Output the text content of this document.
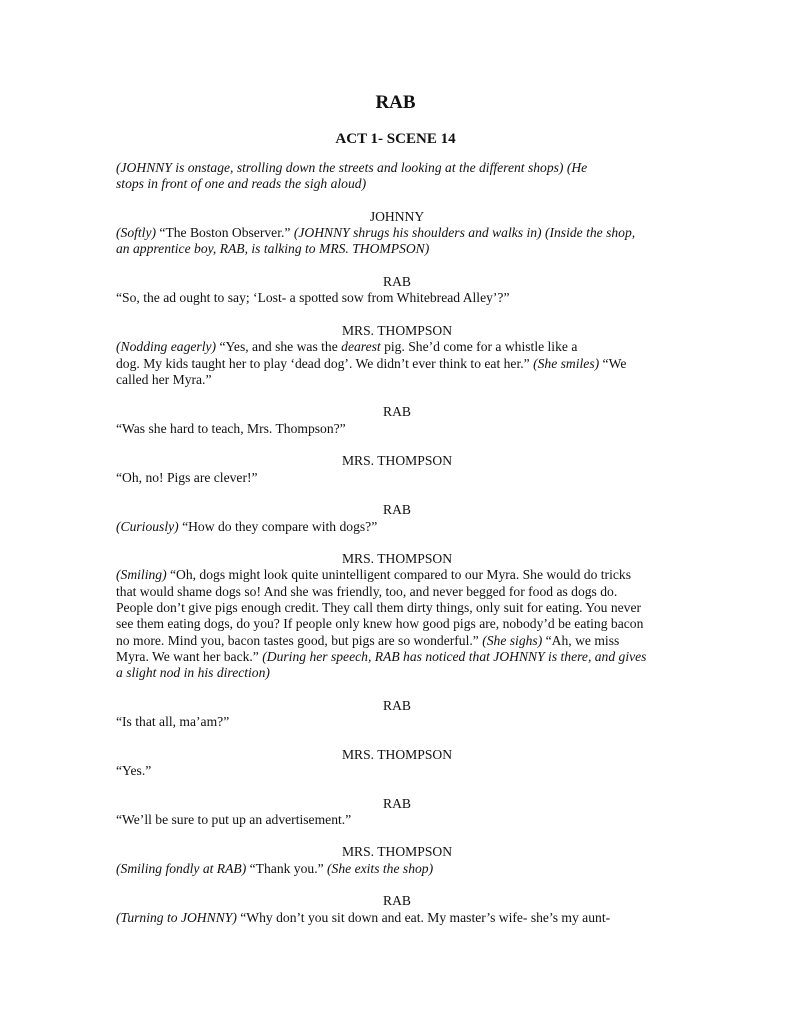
RAB
ACT 1- SCENE 14
(JOHNNY is onstage, strolling down the streets and looking at the different shops) (He
stops in front of one and reads the sigh aloud)
JOHNNY
(Softly) “The Boston Observer.” (JOHNNY shrugs his shoulders and walks in) (Inside the shop,
an apprentice boy, RAB, is talking to MRS. THOMPSON)
RAB
“So, the ad ought to say; ‘Lost- a spotted sow from Whitebread Alley’?”
MRS. THOMPSON
(Nodding eagerly) “Yes, and she was the dearest pig. She’d come for a whistle like a
dog. My kids taught her to play ‘dead dog’. We didn’t ever think to eat her.” (She smiles) “We
called her Myra.”
RAB
“Was she hard to teach, Mrs. Thompson?”
MRS. THOMPSON
“Oh, no! Pigs are clever!”
RAB
(Curiously) “How do they compare with dogs?”
MRS. THOMPSON
(Smiling) “Oh, dogs might look quite unintelligent compared to our Myra. She would do tricks
that would shame dogs so! And she was friendly, too, and never begged for food as dogs do.
People don’t give pigs enough credit. They call them dirty things, only suit for eating. You never
see them eating dogs, do you? If people only knew how good pigs are, nobody’d be eating bacon
no more. Mind you, bacon tastes good, but pigs are so wonderful.” (She sighs) “Ah, we miss
Myra. We want her back.” (During her speech, RAB has noticed that JOHNNY is there, and gives
a slight nod in his direction)
RAB
“Is that all, ma’am?”
MRS. THOMPSON
“Yes.”
RAB
“We’ll be sure to put up an advertisement.”
MRS. THOMPSON
(Smiling fondly at RAB) “Thank you.” (She exits the shop)
RAB
(Turning to JOHNNY) “Why don’t you sit down and eat. My master’s wife- she’s my aunt-
